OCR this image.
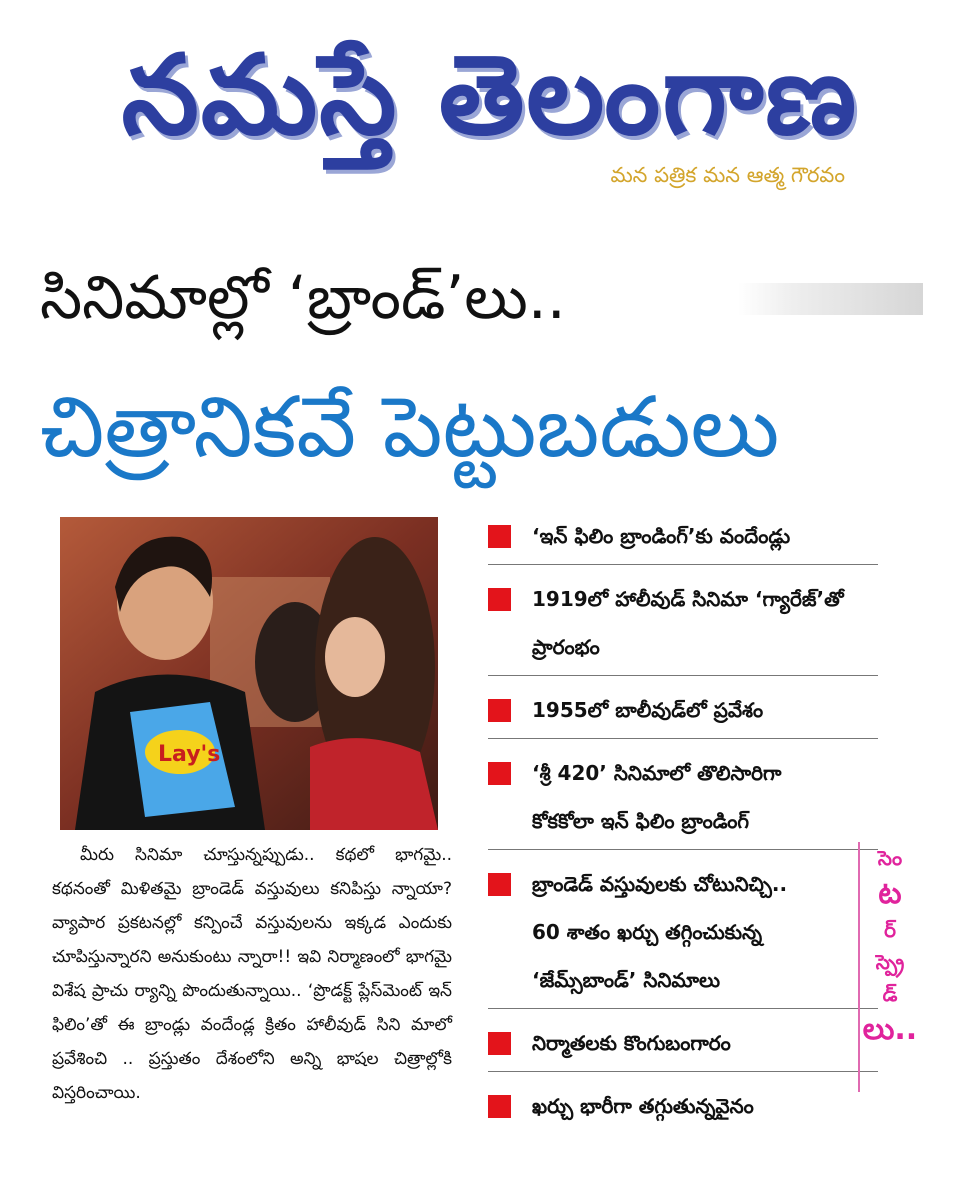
నమస్తే తెలంగాణ
మన పత్రిక మన ఆత్మ గౌరవం
సినిమాల్లో ‘బ్రాండ్’లు..
చిత్రానికవే పెట్టుబడులు
Lay's

మీరు సినిమా చూస్తున్నప్పుడు.. కథలో భాగమై.. కథనంతో మిళితమై బ్రాండెడ్ వస్తువులు కనిపిస్తు న్నాయా? వ్యాపార ప్రకటనల్లో కన్పించే వస్తువులను ఇక్కడ ఎందుకు చూపిస్తున్నారని అనుకుంటు న్నారా!! ఇవి నిర్మాణంలో భాగమై విశేష ప్రాచు ర్యాన్ని పొందుతున్నాయి.. ‘ప్రొడక్ట్ ప్లేస్‌మెంట్ ఇన్ ఫిలిం’తో ఈ బ్రాండ్లు వందేండ్ల క్రితం హాలీవుడ్ సిని మాలో ప్రవేశించి .. ప్రస్తుతం దేశంలోని అన్ని భాషల చిత్రాల్లోకి విస్తరించాయి.

‘ఇన్ ఫిలిం బ్రాండింగ్’కు వందేండ్లు
1919లో హాలీవుడ్ సినిమా ‘గ్యారేజ్’తో
ప్రారంభం
1955లో బాలీవుడ్‌లో ప్రవేశం
‘శ్రీ 420’ సినిమాలో తొలిసారిగా
కోకకోలా ఇన్ ఫిలిం బ్రాండింగ్
బ్రాండెడ్ వస్తువులకు చోటునిచ్చి..
60 శాతం ఖర్చు తగ్గించుకున్న
‘జేమ్స్‌బాండ్’ సినిమాలు
నిర్మాతలకు కొంగుబంగారం
ఖర్చు భారీగా తగ్గుతున్నవైనం
సెం
ట
ర్
స్ప్రె
డ్
లు..
